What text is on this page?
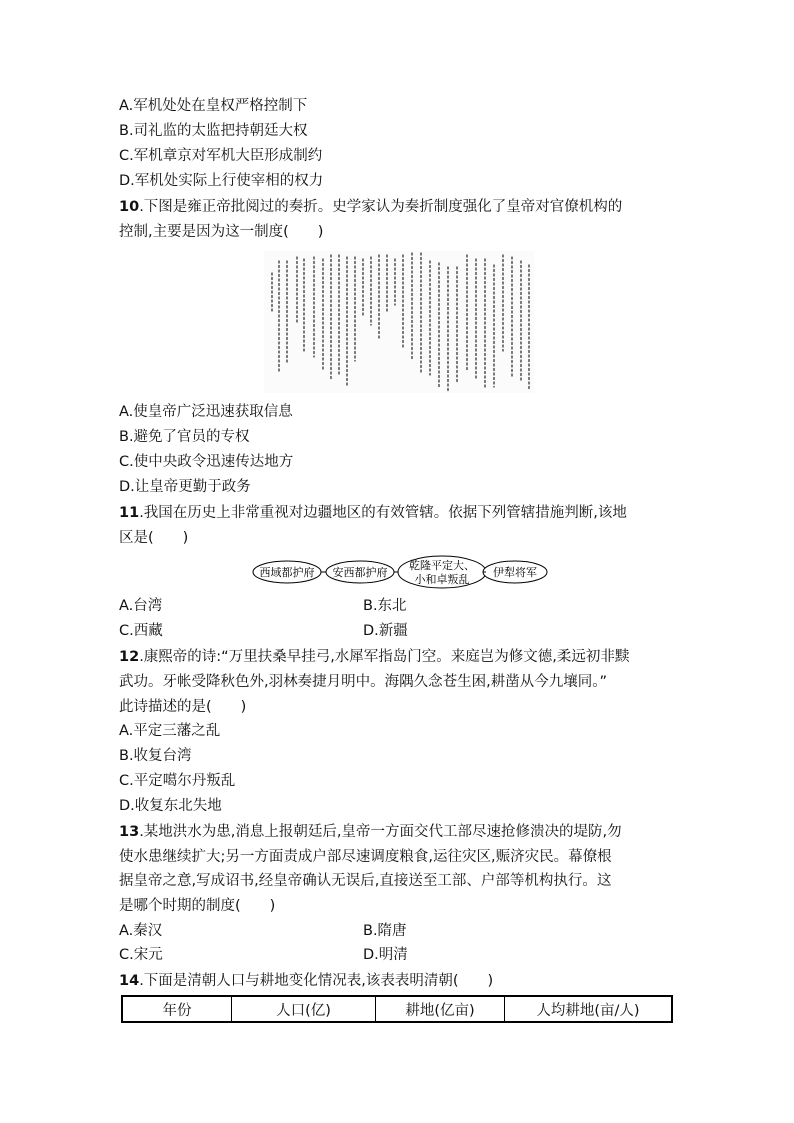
A.军机处处在皇权严格控制下
B.司礼监的太监把持朝廷大权
C.军机章京对军机大臣形成制约
D.军机处实际上行使宰相的权力
10.下图是雍正帝批阅过的奏折。史学家认为奏折制度强化了皇帝对官僚机构的
控制,主要是因为这一制度(　　)
A.使皇帝广泛迅速获取信息
B.避免了官员的专权
C.使中央政令迅速传达地方
D.让皇帝更勤于政务
11.我国在历史上非常重视对边疆地区的有效管辖。依据下列管辖措施判断,该地
区是(　　)
西域都护府 安西都护府
乾隆平定大、
小和卓叛乱
伊犁将军
A.台湾	B.东北
C.西藏	D.新疆
12.康熙帝的诗:“万里扶桑早挂弓,水犀军指岛门空。来庭岂为修文德,柔远初非黩
武功。牙帐受降秋色外,羽林奏捷月明中。海隅久念苍生困,耕凿从今九壤同。”
此诗描述的是(　　)
A.平定三藩之乱
B.收复台湾
C.平定噶尔丹叛乱
D.收复东北失地
13.某地洪水为患,消息上报朝廷后,皇帝一方面交代工部尽速抢修溃决的堤防,勿
使水患继续扩大;另一方面责成户部尽速调度粮食,运往灾区,赈济灾民。幕僚根
据皇帝之意,写成诏书,经皇帝确认无误后,直接送至工部、户部等机构执行。这
是哪个时期的制度(　　)
A.秦汉	B.隋唐
C.宋元	D.明清
14.下面是清朝人口与耕地变化情况表,该表表明清朝(　　)
年份	人口(亿)	耕地(亿亩)	人均耕地(亩/人)
